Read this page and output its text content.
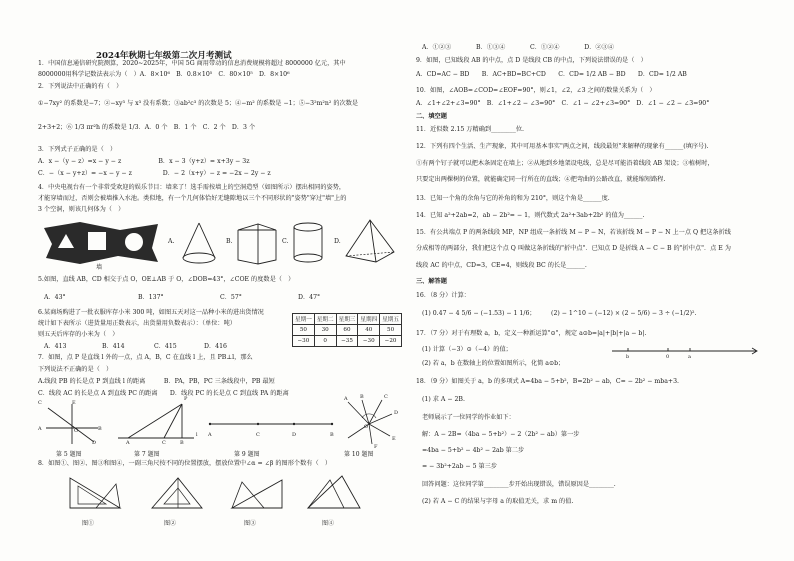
2024年秋期七年级第二次月考测试
1．中国信息通信研究院测算，2020~2025年，中国 5G 商用带动的信息消费规模将超过 8000000 亿元，其中
8000000用科学记数法表示为（　）A．8×10⁶　B．0.8×10⁵　C．80×10⁵　D．8×10⁶
2．下列说法中正确的有（　）
①−7xy² 的系数是−7；②−xy³ 与 x³ 没有系数；③ab²c³ 的次数是 5；④−m² 的系数是 −1；⑤−3²m²n² 的次数是
2+3+2；⑥ 1/3 πr²h 的系数是 1/3．A．0 个　B．1 个　C．2 个　D．3 个
3．下列式子正确的是（　）
A．x −（y − z）=x − y − z　　　　　　B．x − 3（y+z）= x+3y − 3z
C．−（x − y+z）= −x − y − z　　　　　D．− 2（x+y）− z = −2x − 2y − z
4．中央电视台有一个非常受欢迎的娱乐节目：墙来了！选手需按墙上的空洞造型（如图所示）摆出相同的姿势，
才能穿墙而过，否则会被墙推入水池。类似地，有一个几何体恰好无缝隙地以三个不同形状的"姿势"穿过"墙"上的
3 个空洞，则该几何体为（　）
墙
A.	B.	C.	D.
5.如图，直线 AB，CD 相交于点 O，OE⊥AB 于 O，∠DOB=43°，∠COE 的度数是（　）
A．43°	B．137°	C．57°	D．47°
6.某商场购进了一批衣服库存小米 300 吨，如图五天对这一品种小米的进出货情况
统计如下表所示（进货量用正数表示，出货量用负数表示）：（单位：吨）
则五天后库存的小米为（　）
A．413	B．414	C．415	D．416
星期一	星期二	星期三	星期四	星期五
50	30	60	40	50
−30	0	−35	−30	−20
7．如图，点 P 是直线 l 外的一点，点 A，B，C 在直线 l 上，且 PB⊥l，那么
下列说法不正确的是（　）
A.线段 PB 的长是点 P 到直线 l 的距离　　　B．PA，PB，PC 三条线段中，PB 最短
C．线段 AC 的长是点 A 到直线 PC 的距离　　D．线段 PC 的长是点 C 到直线 PA 的距离
C	E
A	O	B
D
第 5 题图
P
A	B
C
l
第 7 题图
A	C	D	B
第 9 题图
A B	C
O
D
E
F
第 10 题图
8．如图①、图②、图③和图④，一副三角尺按不同的位置摆放，摆放位置中∠α = ∠β 的图形个数有（　）
图①	图②	图③	图④
A．①②③　　　　B．①③④　　　　C．①②④　　　　D．②③④
9．如图，已知线段 AB 的中点，点 D 是线段 CB 的中点，下列说法错误的是（　）
A．CD=AC − BD　　B．AC+BD=BC+CD　　C．CD= 1/2 AB − BD　　D．CD= 1/2 AB
10．如图，∠AOB=∠COD=∠EOF=90°，则∠1，∠2，∠3 之间的数量关系为（　）
A．∠1+∠2+∠3=90°　B．∠1+∠2 − ∠3=90°　C．∠1 − ∠2+∠3=90°　D．∠1 − ∠2 − ∠3=90°
二、填空题
11．近似数 2.15 万精确到________位.
12．下列有四个生活、生产现象，其中可用基本事实"两点之间，线段最短"来解释的现象有______(填序号).
①有两个钉子就可以把木条固定在墙上；②从地到乡地架设电线，总是尽可能沿着线段 AB 架设；③植树时，
只要定出两棵树的位置，就能确定同一行所在的直线；④把弯曲的公路改直，就能缩短路程.
13．已知一个角的余角与它的补角的和为 210°，则这个角是______度.
14．已知 a²+2ab=2，ab − 2b²= − 1，则代数式 2a²+3ab+2b² 的值为______.
15．有公共端点 P 的两条线段 MP，NP 组成一条折线 M − P − N，若该折线 M − P − N 上一点 Q 把这条折线
分成相等的两部分，我们把这个点 Q 叫做这条折线的"折中点"．已知点 D 是折线 A − C − B 的"折中点"．点 E 为
线段 AC 的中点，CD=3，CE=4，则线段 BC 的长是______.
三、解答题
16．（8 分）计算：
(1) 0.47 − 4 5/6 − (−1.53) − 1 1/6；　　　(2) − 1^10 − (−12) × (2 − 5/6) − 3 ÷ (−1/2)².
17．（7 分）对于有理数 a，b，定义一种新运算"⊙"，规定 a⊙b=|a|+|b|+|a − b|.
(1) 计算（−3）⊙（−4）的值；
(2) 若 a，b 在数轴上的位置如图所示，化简 a⊙b；
b	0	a
18．（9 分）如图关于 a，b 的多项式 A=4ba − 5+b²，B=2b² − ab，C= − 2b² − mba+3.
(1) 求 A − 2B.
老师展示了一位同学的作业如下：
解：A − 2B=（4ba − 5+b²）− 2（2b² − ab）第一步
=4ba − 5+b² − 4b² − 2ab 第二步
= − 3b²+2ab − 5 第三步
回答问题：这位同学第________步开始出现错误，错误原因是________.
(2) 若 A − C 的结果与字母 a 的取值无关，求 m 的值.
